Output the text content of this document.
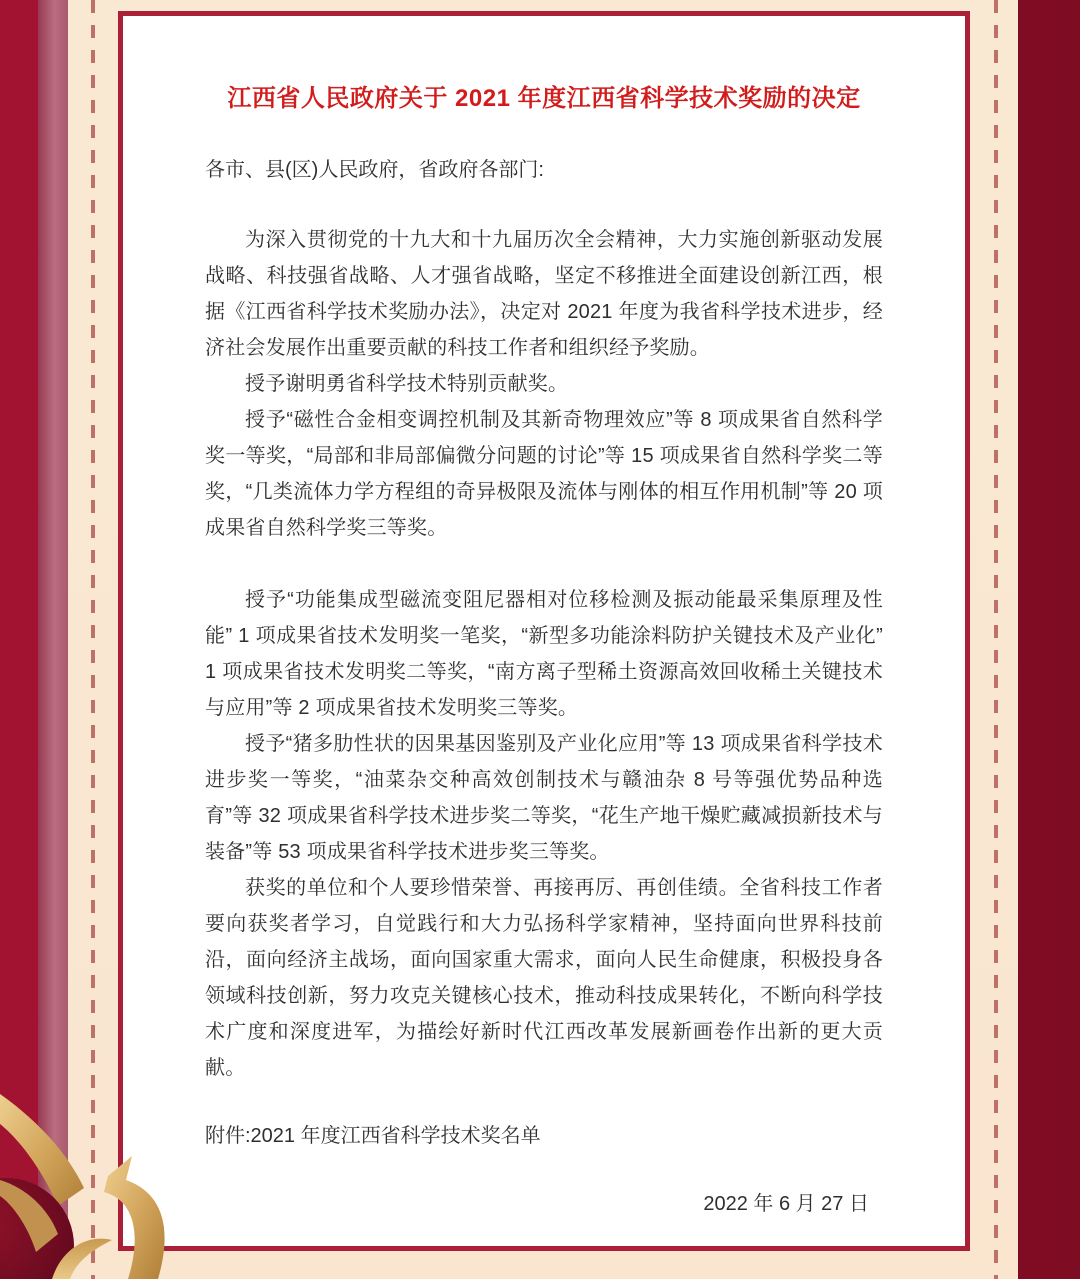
江西省人民政府关于 2021 年度江西省科学技术奖励的决定

各市、县(区)人民政府，省政府各部门:

为深入贯彻党的十九大和十九届历次全会精神，大力实施创新驱动发展战略、科技强省战略、人才强省战略，坚定不移推进全面建设创新江西，根据《江西省科学技术奖励办法》，决定对 2021 年度为我省科学技术进步，经济社会发展作出重要贡献的科技工作者和组织经予奖励。

授予谢明勇省科学技术特别贡献奖。

授予“磁性合金相变调控机制及其新奇物理效应”等 8 项成果省自然科学奖一等奖，“局部和非局部偏微分问题的讨论”等 15 项成果省自然科学奖二等奖，“几类流体力学方程组的奇异极限及流体与刚体的相互作用机制”等 20 项成果省自然科学奖三等奖。

授予“功能集成型磁流变阻尼器相对位移检测及振动能最采集原理及性能” 1 项成果省技术发明奖一笔奖，“新型多功能涂料防护关键技术及产业化” 1 项成果省技术发明奖二等奖，“南方离子型稀土资源高效回收稀土关键技术与应用”等 2 项成果省技术发明奖三等奖。

授予“猪多肋性状的因果基因鉴别及产业化应用”等 13 项成果省科学技术进步奖一等奖，“油菜杂交种高效创制技术与赣油杂 8 号等强优势品种选育”等 32 项成果省科学技术进步奖二等奖，“花生产地干燥贮藏减损新技术与装备”等 53 项成果省科学技术进步奖三等奖。

获奖的单位和个人要珍惜荣誉、再接再厉、再创佳绩。全省科技工作者要向获奖者学习，自觉践行和大力弘扬科学家精神，坚持面向世界科技前沿，面向经济主战场，面向国家重大需求，面向人民生命健康，积极投身各领域科技创新，努力攻克关键核心技术，推动科技成果转化，不断向科学技术广度和深度进军，为描绘好新时代江西改革发展新画卷作出新的更大贡献。

附件:2021 年度江西省科学技术奖名单

2022 年 6 月 27 日
